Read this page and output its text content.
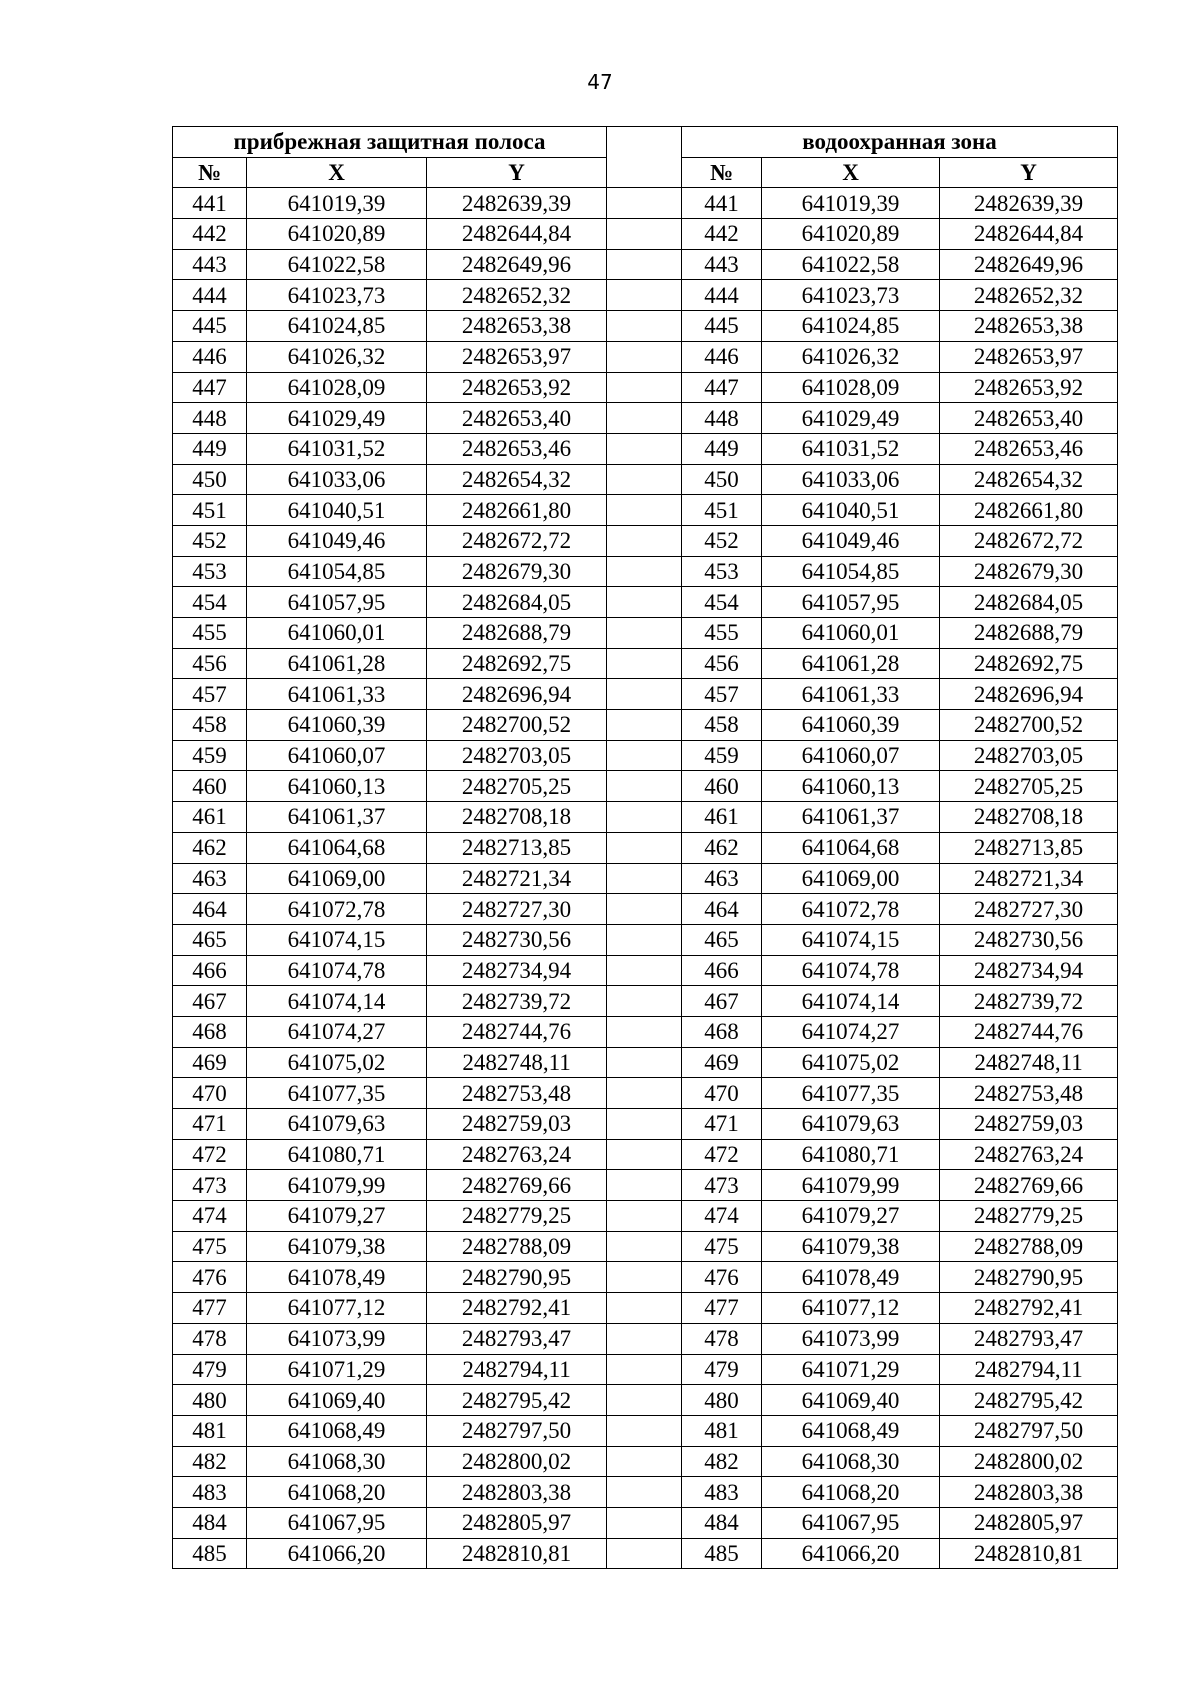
47
прибрежная защитная полоса				водоохранная зона		
№	X	Y		№	X	Y
441	641019,39	2482639,39		441	641019,39	2482639,39
442	641020,89	2482644,84		442	641020,89	2482644,84
443	641022,58	2482649,96		443	641022,58	2482649,96
444	641023,73	2482652,32		444	641023,73	2482652,32
445	641024,85	2482653,38		445	641024,85	2482653,38
446	641026,32	2482653,97		446	641026,32	2482653,97
447	641028,09	2482653,92		447	641028,09	2482653,92
448	641029,49	2482653,40		448	641029,49	2482653,40
449	641031,52	2482653,46		449	641031,52	2482653,46
450	641033,06	2482654,32		450	641033,06	2482654,32
451	641040,51	2482661,80		451	641040,51	2482661,80
452	641049,46	2482672,72		452	641049,46	2482672,72
453	641054,85	2482679,30		453	641054,85	2482679,30
454	641057,95	2482684,05		454	641057,95	2482684,05
455	641060,01	2482688,79		455	641060,01	2482688,79
456	641061,28	2482692,75		456	641061,28	2482692,75
457	641061,33	2482696,94		457	641061,33	2482696,94
458	641060,39	2482700,52		458	641060,39	2482700,52
459	641060,07	2482703,05		459	641060,07	2482703,05
460	641060,13	2482705,25		460	641060,13	2482705,25
461	641061,37	2482708,18		461	641061,37	2482708,18
462	641064,68	2482713,85		462	641064,68	2482713,85
463	641069,00	2482721,34		463	641069,00	2482721,34
464	641072,78	2482727,30		464	641072,78	2482727,30
465	641074,15	2482730,56		465	641074,15	2482730,56
466	641074,78	2482734,94		466	641074,78	2482734,94
467	641074,14	2482739,72		467	641074,14	2482739,72
468	641074,27	2482744,76		468	641074,27	2482744,76
469	641075,02	2482748,11		469	641075,02	2482748,11
470	641077,35	2482753,48		470	641077,35	2482753,48
471	641079,63	2482759,03		471	641079,63	2482759,03
472	641080,71	2482763,24		472	641080,71	2482763,24
473	641079,99	2482769,66		473	641079,99	2482769,66
474	641079,27	2482779,25		474	641079,27	2482779,25
475	641079,38	2482788,09		475	641079,38	2482788,09
476	641078,49	2482790,95		476	641078,49	2482790,95
477	641077,12	2482792,41		477	641077,12	2482792,41
478	641073,99	2482793,47		478	641073,99	2482793,47
479	641071,29	2482794,11		479	641071,29	2482794,11
480	641069,40	2482795,42		480	641069,40	2482795,42
481	641068,49	2482797,50		481	641068,49	2482797,50
482	641068,30	2482800,02		482	641068,30	2482800,02
483	641068,20	2482803,38		483	641068,20	2482803,38
484	641067,95	2482805,97		484	641067,95	2482805,97
485	641066,20	2482810,81		485	641066,20	2482810,81
